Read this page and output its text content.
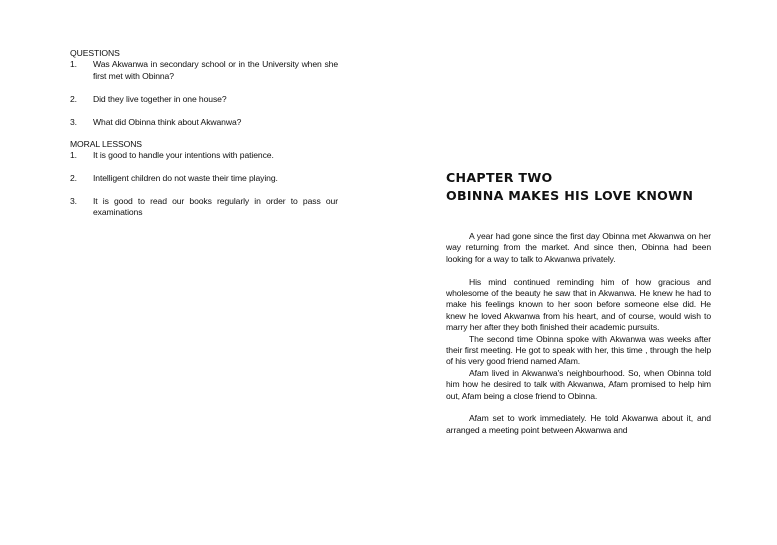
QUESTIONS

1.	Was Akwanwa in secondary school or in the University when she first met with Obinna?
2.	Did they live together in one house?
3.	What did Obinna think about Akwanwa?

MORAL LESSONS

1.	It is good to handle your intentions with patience.
2.	Intelligent children do not waste their time playing.
3.	It is good to read our books regularly in order to pass our examinations
CHAPTER TWO
OBINNA MAKES HIS LOVE KNOWN

A year had gone since the first day Obinna met Akwanwa on her way returning from the market. And since then, Obinna had been looking for a way to talk to Akwanwa privately.

His mind continued reminding him of how gracious and wholesome of the beauty he saw that in Akwanwa. He knew he had to make his feelings known to her soon before someone else did. He knew he loved Akwanwa from his heart, and of course, would wish to marry her after they both finished their academic pursuits.

The second time Obinna spoke with Akwanwa was weeks after their first meeting. He got to speak with her, this time , through the help of his very good friend named Afam.

Afam lived in Akwanwa's neighbourhood. So, when Obinna told him how he desired to talk with Akwanwa, Afam promised to help him out, Afam being a close friend to Obinna.

Afam set to work immediately. He told Akwanwa about it, and arranged a meeting point between Akwanwa and
